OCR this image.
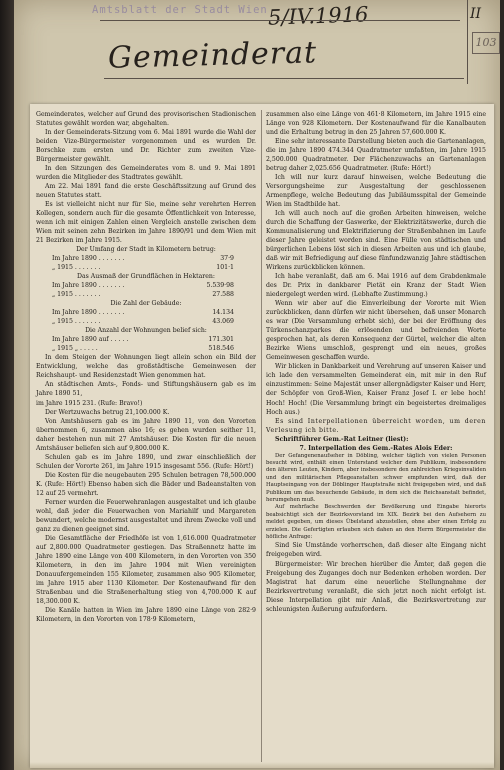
Amtsblatt der Stadt Wien 5/IV.1916	II
103
Gemeinderat

Gemeinderates, welcher auf Grund des provisorischen Stadionischen Statutes gewählt worden war, abgehalten.

In der Gemeinderats-Sitzung vom 6. Mai 1891 wurde die Wahl der beiden Vize-Bürgermeister vorgenommen und es wurden Dr. Borschke zum ersten und Dr. Richter zum zweiten Vize-Bürgermeister gewählt.

In den Sitzungen des Gemeinderates vom 8. und 9. Mai 1891 wurden die Mitglieder des Stadtrates gewählt.

Am 22. Mai 1891 fand die erste Geschäftssitzung auf Grund des neuen Statutes statt.

Es ist vielleicht nicht nur für Sie, meine sehr verehrten Herren Kollegen, sondern auch für die gesamte Öffentlichkeit von Interesse, wenn ich mit einigen Zahlen einen Vergleich anstelle zwischen dem Wien mit seinen zehn Bezirken im Jahre 1890/91 und dem Wien mit 21 Bezirken im Jahre 1915.

Der Umfang der Stadt in Kilometern betrug:

Im Jahre 1890 . . . . . . .	37·9
„ 1915 . . . . . . .	101·1

Das Ausmaß der Grundflächen in Hektaren:

Im Jahre 1890 . . . . . . .	5.539·98
„ 1915 . . . . . . .	27.588

Die Zahl der Gebäude:

Im Jahre 1890 . . . . . . .	14.134
„ 1915 . . . . . . .	43.069

Die Anzahl der Wohnungen belief sich:

Im Jahre 1890 auf . . . . .	171.301
„ 1915 „ . . . . .	518.546

In dem Steigen der Wohnungen liegt allein schon ein Bild der Entwicklung, welche das großstädtische Gemeinwesen der Reichshaupt- und Residenzstadt Wien genommen hat.

An städtischen Amts-, Fonds- und Stiftungshäusern gab es im Jahre 1890 51,

im Jahre 1915 231. (Rufe: Bravo!)

Der Wertzuwachs betrug 21,100.000 K.

Von Amtshäusern gab es im Jahre 1890 11, von den Vororten übernommen 6, zusammen also 16; es gehen wurden seither 11, daher bestehen nun mit 27 Amtshäuser. Die Kosten für die neuen Amtshäuser beliefen sich auf 9,800.000 K.

Schulen gab es im Jahre 1890, und zwar einschließlich der Schulen der Vororte 261, im Jahre 1915 insgesamt 556. (Rufe: Hört!)

Die Kosten für die neugebauten 295 Schulen betragen 78,500.000 K. (Rufe: Hört!) Ebenso haben sich die Bäder und Badeanstalten von 12 auf 25 vermehrt.

Ferner wurden die Feuerwehranlagen ausgestaltet und ich glaube wohl, daß jeder die Feuerwachen von Mariahilf und Margareten bewundert, welche modernst ausgestaltet und ihrem Zwecke voll und ganz zu dienen geeignet sind.

Die Gesamtfläche der Friedhöfe ist von 1,616.000 Quadratmeter auf 2,800.000 Quadratmeter gestiegen. Das Straßennetz hatte im Jahre 1890 eine Länge von 400 Kilometern, in den Vororten von 350 Kilometern, in den im Jahre 1904 mit Wien vereinigten Donauufergemeinden 155 Kilometer, zusammen also 905 Kilometer, im Jahre 1915 aber 1130 Kilometer. Der Kostenaufwand für den Straßenbau und die Straßenerhaltung stieg von 4,700.000 K auf 18,300.000 K.

Die Kanäle hatten in Wien im Jahre 1890 eine Länge von 282·9 Kilometern, in den Vororten von 178·9 Kilometern,

zusammen also eine Länge von 461·8 Kilometern, im Jahre 1915 eine Länge von 928 Kilometern. Der Kostenaufwand für die Kanalbauten und die Erhaltung betrug in den 25 Jahren 57,600.000 K.

Eine sehr interessante Darstellung bieten auch die Gartenanlagen, die im Jahre 1890 474.344 Quadratmeter umfaßten, im Jahre 1915 2,500.000 Quadratmeter. Der Flächenzuwachs an Gartenanlagen betrug daher 2,025.656 Quadratmeter. (Rufe: Hört!)

Ich will nur kurz darauf hinweisen, welche Bedeutung die Versorgungsheime zur Ausgestaltung der geschlossenen Armenpflege, welche Bedeutung das Jubiläumsspital der Gemeinde Wien im Stadtbilde hat.

Ich will auch noch auf die großen Arbeiten hinweisen, welche durch die Schaffung der Gaswerke, der Elektrizitätswerke, durch die Kommunalisierung und Elektrifizierung der Straßenbahnen im Laufe dieser Jahre geleistet worden sind. Eine Fülle von städtischen und bürgerlichen Lebens löst sich in diesen Arbeiten aus und ich glaube, daß wir mit Befriedigung auf diese fünfundzwanzig Jahre städtischen Wirkens zurückblicken können.

Ich habe veranlaßt, daß am 6. Mai 1916 auf dem Grabdenkmale des Dr. Prix in dankbarer Pietät ein Kranz der Stadt Wien niedergelegt werden wird. (Lebhafte Zustimmung.)

Wenn wir aber auf die Einverleibung der Vororte mit Wien zurückblicken, dann dürfen wir nicht übersehen, daß unser Monarch es war (Die Versammlung erhebt sich), der bei der Eröffnung des Türkenschanzparkes die erlösenden und befreienden Worte gesprochen hat, als deren Konsequenz der Gürtel, welcher die alten Bezirke Wiens umschloß, gesprengt und ein neues, großes Gemeinwesen geschaffen wurde.

Wir blicken in Dankbarkeit und Verehrung auf unseren Kaiser und ich lade den versammelten Gemeinderat ein, mit mir in den Ruf einzustimmen: Seine Majestät unser allergnädigster Kaiser und Herr, der Schöpfer von Groß-Wien, Kaiser Franz Josef I. er lebe hoch! Hoch! Hoch! (Die Versammlung bringt ein begeistertes dreimaliges Hoch aus.)

Es sind Interpellationen überreicht worden, um deren Verlesung ich bitte.

Schriftführer Gem.-Rat Leitner (liest):

7. Interpellation des Gem.-Rates Alois Eder:

Der Gefangenenaufseher in Döbling, welcher täglich von vielen Personen besucht wird, enthält einen Unterstand welcher dem Publikum, insbesondere den älteren Leuten, Kindern, aber insbesondere den zahlreichen Kriegsinvaliden und den militärischen Pflegeanstalten schwer empfunden wird, daß der Hauptseingang von der Döblinger Hauptstraße nicht freigegeben wird, und daß Publikum um das besuchende Gebäude, in dem sich die Reichsanstalt befindet, herumgehen muß.

Auf mehrfache Beschwerden der Bevölkerung und Eingabe hierorts beabsichtigt sich der Bezirksvorstand im XIX. Bezirk bei den Aufsehern zu meldet gegeben, um dieses Übelstand abzustellen, ohne aber einen Erfolg zu erzielen. Die Gefertigten erlauben sich dahen an den Herrn Bürgermeister die höfliche Anfrage:

Sind Sie Umstände vorherrschen, daß dieser alte Eingang nicht freigegeben wird.

Bürgermeister: Wir brechen hierüber die Ämter, daß gegen die Freigebung des Zuganges doch nur Bedenken erhoben worden. Der Magistrat hat darum eine neuerliche Stellungnahme der Bezirksvertretung veranlaßt, die sich jetzt noch nicht erfolgt ist. Diese Interpellation gibt mir Anlaß, die Bezirksvertretung zur schleunigsten Äußerung aufzufordern.
